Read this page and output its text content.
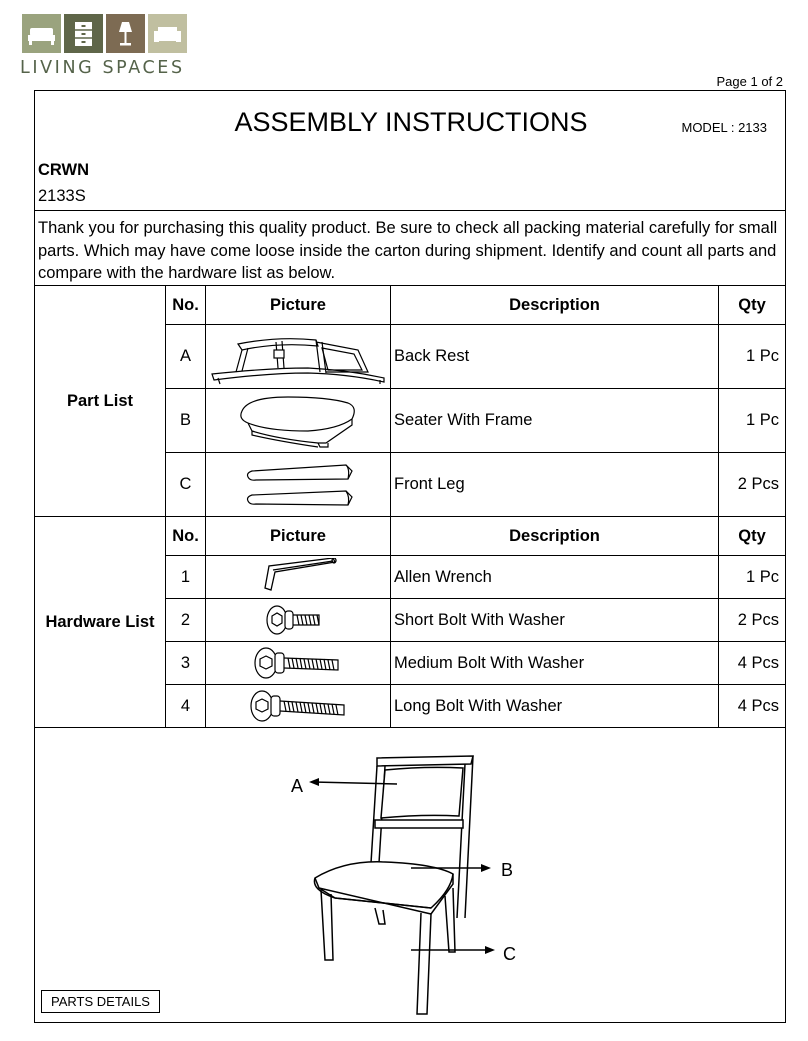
LIVING SPACES
Page 1 of 2
ASSEMBLY INSTRUCTIONS	MODEL : 2133
CRWN
2133S
Thank you for purchasing this quality product. Be sure to check all packing material carefully for small parts. Which may have come loose inside the carton during shipment. Identify and count all parts and compare with the hardware list as below.
Part List	No.	Picture	Description	Qty
	A		Back Rest	1 Pc
	B		Seater With Frame	1 Pc
	C		Front Leg	2 Pcs
Hardware List	No.	Picture	Description	Qty
	1		Allen Wrench	1 Pc
	2		Short Bolt With Washer	2 Pcs
	3		Medium Bolt With Washer	4 Pcs
	4		Long Bolt With Washer	4 Pcs
A
B
C
PARTS DETAILS
